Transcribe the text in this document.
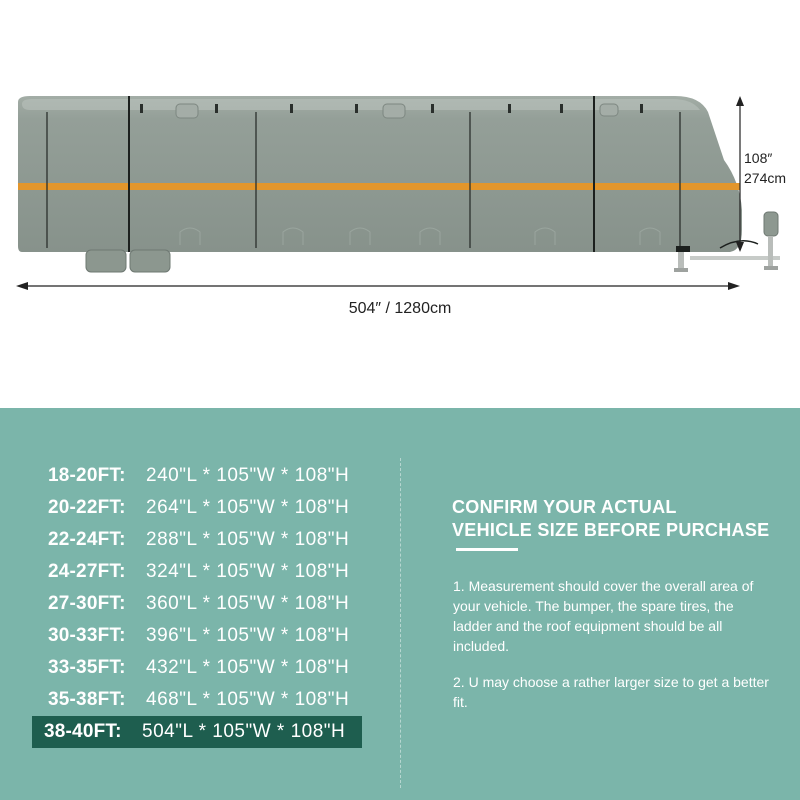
108″
274cm
504″ / 1280cm
18-20FT: 240"L * 105"W * 108"H
20-22FT: 264"L * 105"W * 108"H
22-24FT: 288"L * 105"W * 108"H
24-27FT: 324"L * 105"W * 108"H
27-30FT: 360"L * 105"W * 108"H
30-33FT: 396"L * 105"W * 108"H
33-35FT: 432"L * 105"W * 108"H
35-38FT: 468"L * 105"W * 108"H
38-40FT: 504"L * 105"W * 108"H
CONFIRM YOUR ACTUAL
VEHICLE SIZE BEFORE PURCHASE
1. Measurement should cover the overall area of your vehicle. The bumper, the spare tires, the ladder and the roof equipment should be all included.
2. U may choose a rather larger size to get a better fit.
